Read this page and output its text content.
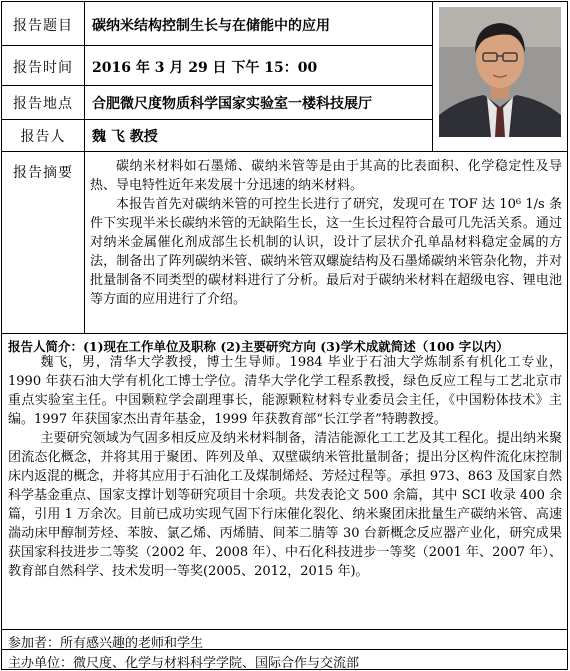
报告题目
报告时间
报告地点
报告人
报告摘要
碳纳米结构控制生长与在储能中的应用
2016 年 3 月 29 日 下午 15：00
合肥微尺度物质科学国家实验室一楼科技展厅
魏 飞 教授

碳纳米材料如石墨烯、碳纳米管等是由于其高的比表面积、化学稳定性及导热、导电特性近年来发展十分迅速的纳米材料。

本报告首先对碳纳米管的可控生长进行了研究，发现可在 TOF 达 10⁶ 1/s 条件下实现半米长碳纳米管的无缺陷生长，这一生长过程符合最可几先活关系。通过对纳米金属催化剂成部生长机制的认识，设计了层状介孔单晶材料稳定金属的方法，制备出了阵列碳纳米管、碳纳米管双螺旋结构及石墨烯碳纳米管杂化物，并对批量制备不同类型的碳材料进行了分析。最后对于碳纳米材料在超级电容、锂电池等方面的应用进行了介绍。

报告人简介：(1)现在工作单位及职称 (2)主要研究方向 (3)学术成就简述（100 字以内）

魏飞，男，清华大学教授，博士生导师。1984 毕业于石油大学炼制系有机化工专业，1990 年获石油大学有机化工博士学位。清华大学化学工程系教授，绿色反应工程与工艺北京市重点实验室主任。中国颗粒学会副理事长，能源颗粒材料专业委员会主任，《中国粉体技术》主编。1997 年获国家杰出青年基金，1999 年获教育部“长江学者”特聘教授。

主要研究领域为气固多相反应及纳米材料制备，清洁能源化工工艺及其工程化。提出纳米聚团流态化概念，并将其用于聚团、阵列及单、双壁碳纳米管批量制备；提出分区构件流化床控制床内返混的概念，并将其应用于石油化工及煤制烯烃、芳烃过程等。承担 973、863 及国家自然科学基金重点、国家支撑计划等研究项目十余项。共发表论文 500 余篇，其中 SCI 收录 400 余篇，引用 1 万余次。目前已成功实现气固下行床催化裂化、纳米聚团床批量生产碳纳米管、高速湍动床甲醇制芳烃、苯胺、氯乙烯、丙烯腈、间苯二腈等 30 台新概念反应器产业化，研究成果获国家科技进步二等奖（2002 年、2008 年）、中石化科技进步一等奖（2001 年、2007 年）、教育部自然科学、技术发明一等奖(2005、2012，2015 年)。

参加者：所有感兴趣的老师和学生
主办单位：微尺度、化学与材料科学学院、国际合作与交流部
